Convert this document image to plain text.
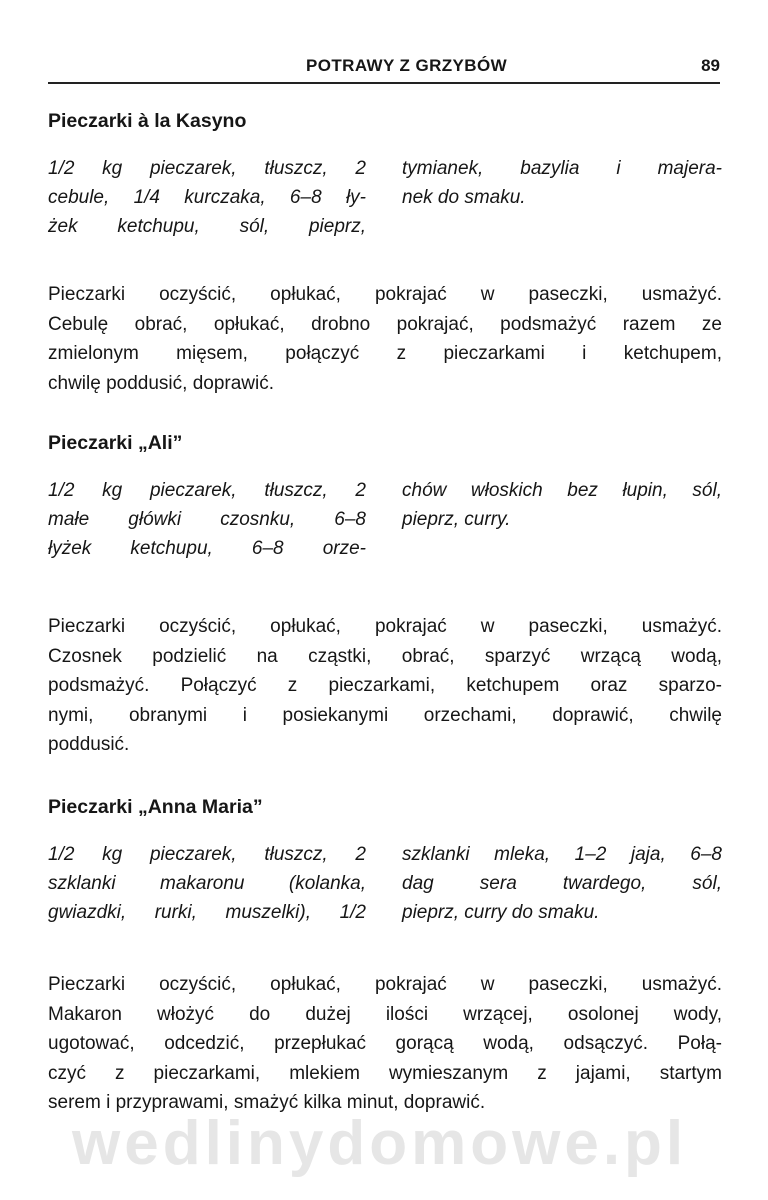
POTRAWY Z GRZYBÓW	89
Pieczarki à la Kasyno
1/2 kg pieczarek, tłuszcz, 2
cebule, 1/4 kurczaka, 6–8 ły-
żek ketchupu, sól, pieprz,
tymianek, bazylia i majera-
nek do smaku.
Pieczarki oczyścić, opłukać, pokrajać w paseczki, usmażyć.
Cebulę obrać, opłukać, drobno pokrajać, podsmażyć razem ze
zmielonym mięsem, połączyć z pieczarkami i ketchupem,
chwilę poddusić, doprawić.
Pieczarki „Ali”
1/2 kg pieczarek, tłuszcz, 2
małe główki czosnku, 6–8
łyżek ketchupu, 6–8 orze-
chów włoskich bez łupin, sól,
pieprz, curry.
Pieczarki oczyścić, opłukać, pokrajać w paseczki, usmażyć.
Czosnek podzielić na cząstki, obrać, sparzyć wrzącą wodą,
podsmażyć. Połączyć z pieczarkami, ketchupem oraz sparzo-
nymi, obranymi i posiekanymi orzechami, doprawić, chwilę
poddusić.
Pieczarki „Anna Maria”
1/2 kg pieczarek, tłuszcz, 2
szklanki makaronu (kolanka,
gwiazdki, rurki, muszelki), 1/2
szklanki mleka, 1–2 jaja, 6–8
dag sera twardego, sól,
pieprz, curry do smaku.
Pieczarki oczyścić, opłukać, pokrajać w paseczki, usmażyć.
Makaron włożyć do dużej ilości wrzącej, osolonej wody,
ugotować, odcedzić, przepłukać gorącą wodą, odsączyć. Połą-
czyć z pieczarkami, mlekiem wymieszanym z jajami, startym
serem i przyprawami, smażyć kilka minut, doprawić.
wedlinydomowe.pl
